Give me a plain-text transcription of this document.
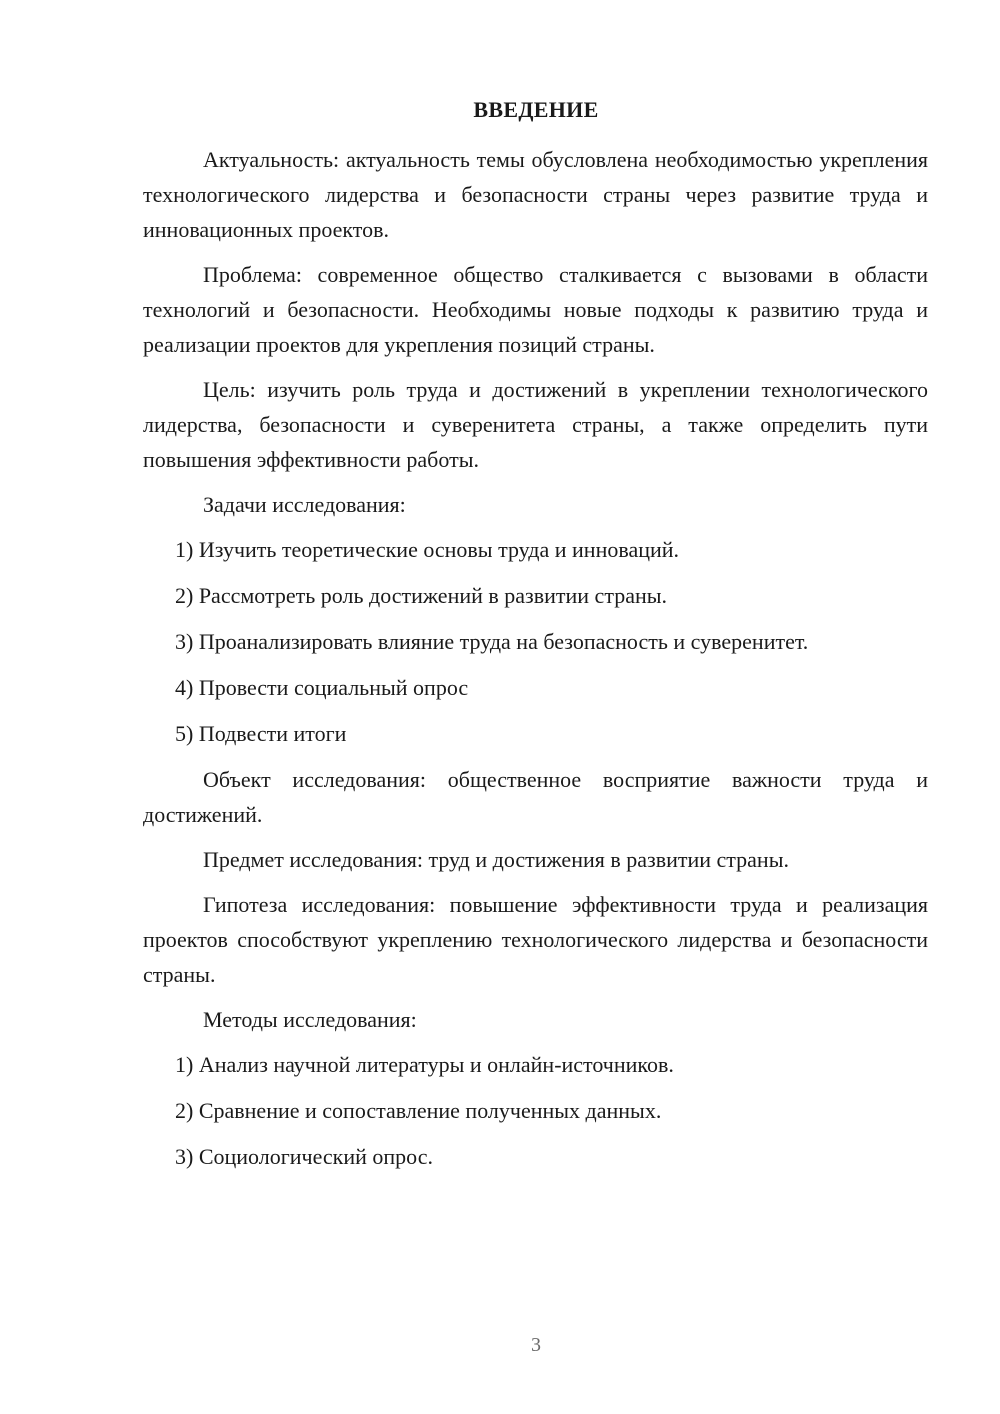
ВВЕДЕНИЕ

Актуальность: актуальность темы обусловлена необходимостью укрепления технологического лидерства и безопасности страны через развитие труда и инновационных проектов.

Проблема: современное общество сталкивается с вызовами в области технологий и безопасности. Необходимы новые подходы к развитию труда и реализации проектов для укрепления позиций страны.

Цель: изучить роль труда и достижений в укреплении технологического лидерства, безопасности и суверенитета страны, а также определить пути повышения эффективности работы.

Задачи исследования:

1) Изучить теоретические основы труда и инноваций.
2) Рассмотреть роль достижений в развитии страны.
3) Проанализировать влияние труда на безопасность и суверенитет.
4) Провести социальный опрос
5) Подвести итоги

Объект исследования: общественное восприятие важности труда и достижений.

Предмет исследования: труд и достижения в развитии страны.

Гипотеза исследования: повышение эффективности труда и реализация проектов способствуют укреплению технологического лидерства и безопасности страны.

Методы исследования:

1) Анализ научной литературы и онлайн-источников.
2) Сравнение и сопоставление полученных данных.
3) Социологический опрос.
3
